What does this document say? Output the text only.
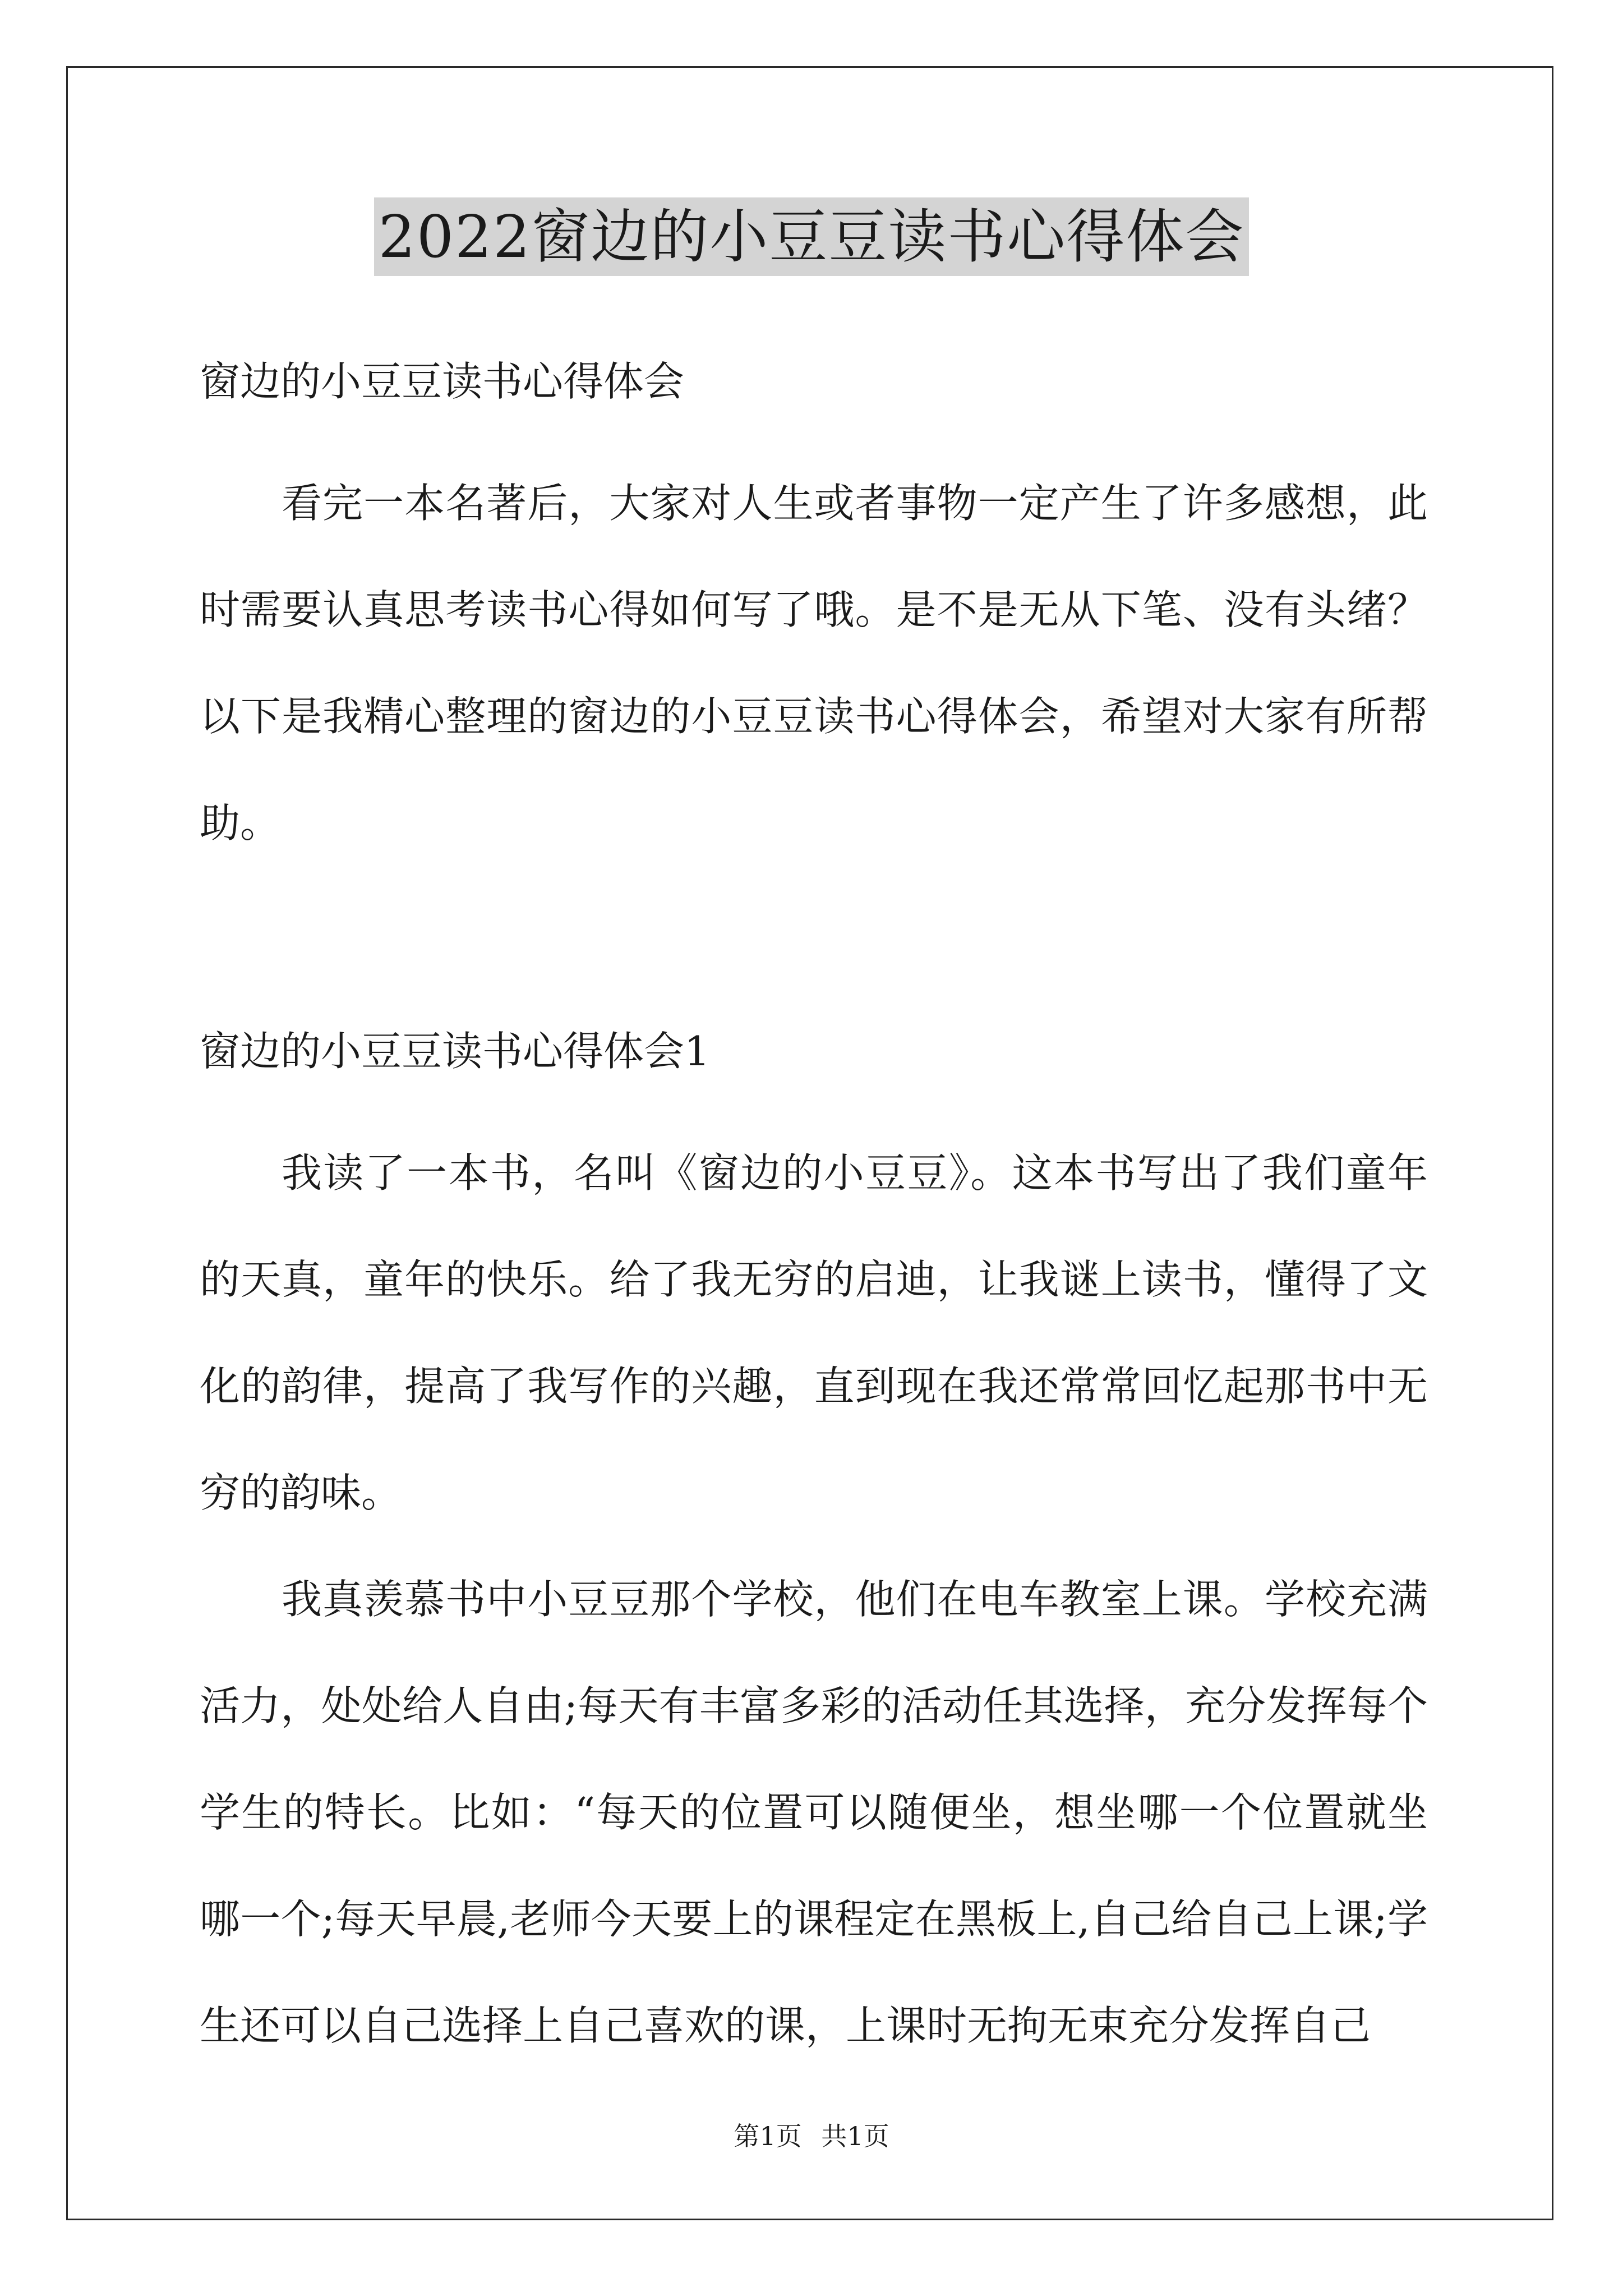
2022窗边的小豆豆读书心得体会

窗边的小豆豆读书心得体会

看完一本名著后，大家对人生或者事物一定产生了许多感想，此时需要认真思考读书心得如何写了哦。是不是无从下笔、没有头绪？以下是我精心整理的窗边的小豆豆读书心得体会，希望对大家有所帮助。

窗边的小豆豆读书心得体会1

我读了一本书，名叫《窗边的小豆豆》。这本书写出了我们童年的天真，童年的快乐。给了我无穷的启迪，让我谜上读书，懂得了文化的韵律，提高了我写作的兴趣，直到现在我还常常回忆起那书中无穷的韵味。

我真羡慕书中小豆豆那个学校，他们在电车教室上课。学校充满活力，处处给人自由;每天有丰富多彩的活动任其选择，充分发挥每个学生的特长。比如：“每天的位置可以随便坐，想坐哪一个位置就坐哪一个;每天早晨,老师今天要上的课程定在黑板上,自己给自己上课;学生还可以自己选择上自己喜欢的课，上课时无拘无束充分发挥自己

第1页 共1页
